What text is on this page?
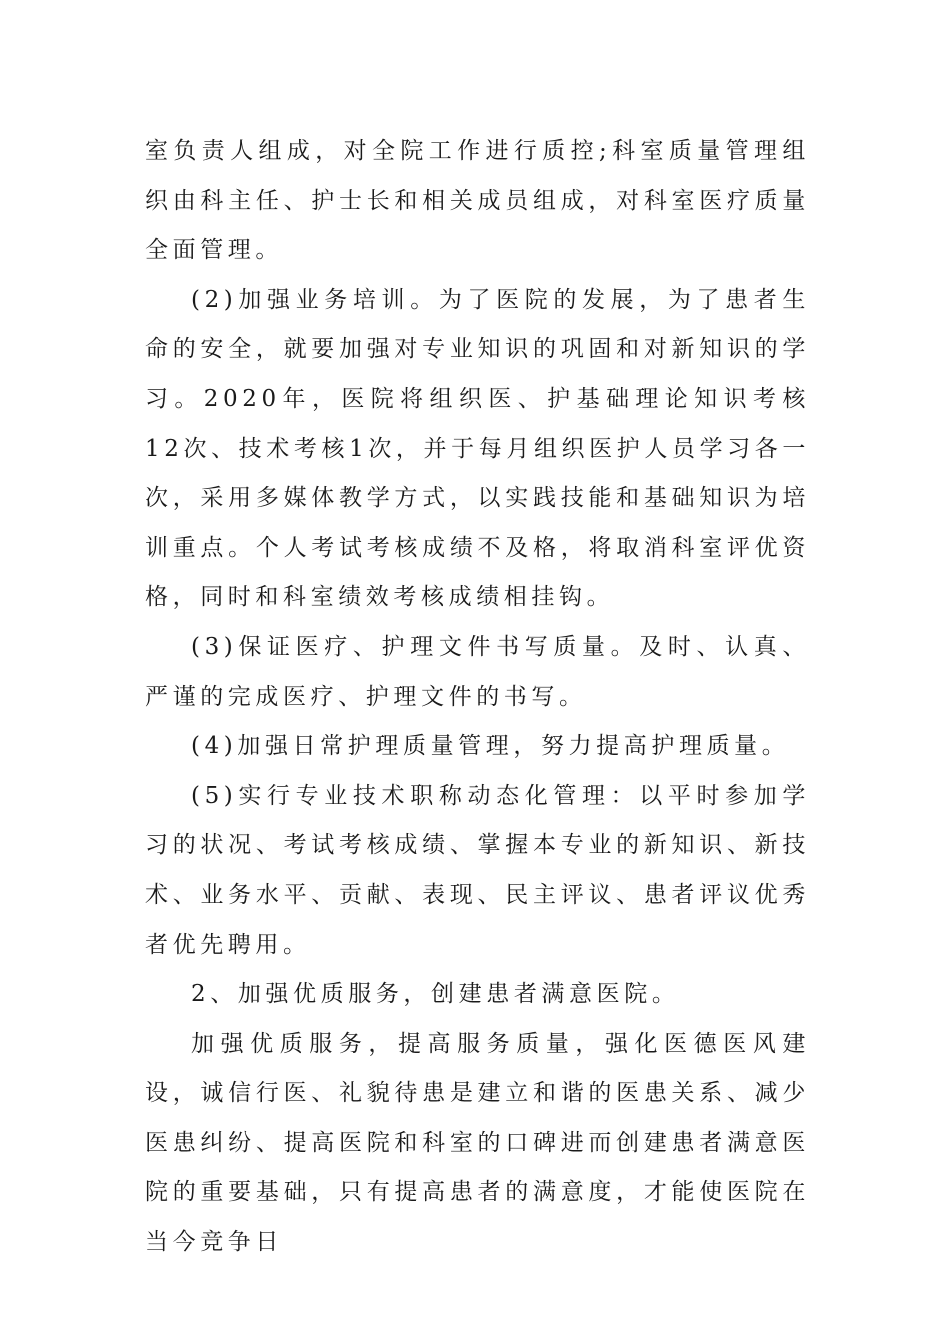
室负责人组成，对全院工作进行质控;科室质量管理组织由科主任、护士长和相关成员组成，对科室医疗质量全面管理。

(2)加强业务培训。为了医院的发展，为了患者生命的安全，就要加强对专业知识的巩固和对新知识的学习。2020年，医院将组织医、护基础理论知识考核12次、技术考核1次，并于每月组织医护人员学习各一次，采用多媒体教学方式，以实践技能和基础知识为培训重点。个人考试考核成绩不及格，将取消科室评优资格，同时和科室绩效考核成绩相挂钩。

(3)保证医疗、护理文件书写质量。及时、认真、严谨的完成医疗、护理文件的书写。

(4)加强日常护理质量管理，努力提高护理质量。

(5)实行专业技术职称动态化管理：以平时参加学习的状况、考试考核成绩、掌握本专业的新知识、新技术、业务水平、贡献、表现、民主评议、患者评议优秀者优先聘用。

2、加强优质服务，创建患者满意医院。

加强优质服务，提高服务质量，强化医德医风建设，诚信行医、礼貌待患是建立和谐的医患关系、减少医患纠纷、提高医院和科室的口碑进而创建患者满意医院的重要基础，只有提高患者的满意度，才能使医院在当今竞争日
